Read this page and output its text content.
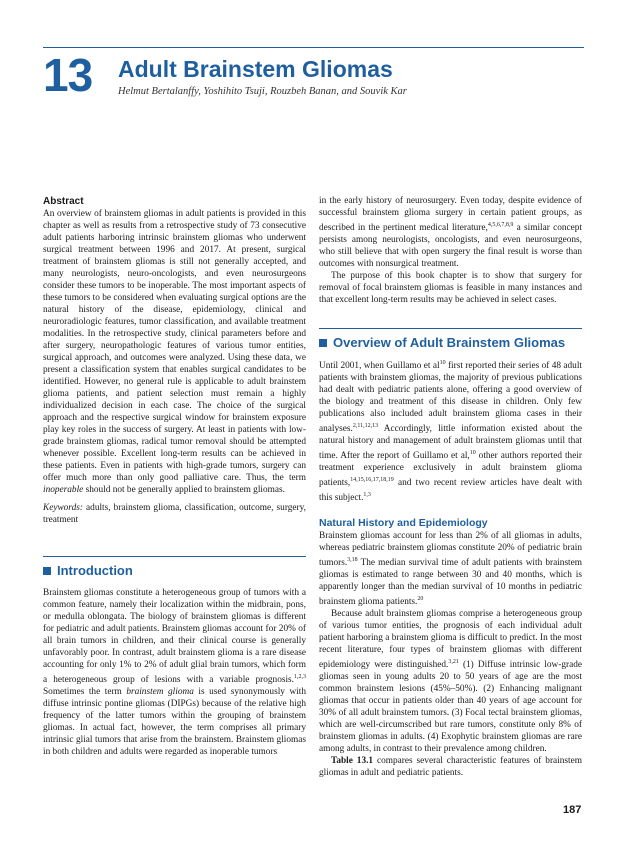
13 Adult Brainstem Gliomas
Helmut Bertalanffy, Yoshihito Tsuji, Rouzbeh Banan, and Souvik Kar

Abstract

An overview of brainstem gliomas in adult patients is provided in this chapter as well as results from a retrospective study of 73 consecutive adult patients harboring intrinsic brainstem gliomas who underwent surgical treatment between 1996 and 2017. At present, surgical treatment of brainstem gliomas is still not generally accepted, and many neurologists, neuro-oncologists, and even neurosurgeons consider these tumors to be inoperable. The most important aspects of these tumors to be considered when evaluating surgical options are the natural history of the disease, epidemiology, clinical and neuroradiologic features, tumor classification, and available treatment modalities. In the retrospective study, clinical parameters before and after surgery, neuropathologic features of various tumor entities, surgical approach, and outcomes were analyzed. Using these data, we present a classification system that enables surgical candidates to be identified. However, no general rule is applicable to adult brainstem glioma patients, and patient selection must remain a highly individualized decision in each case. The choice of the surgical approach and the respective surgical window for brainstem exposure play key roles in the success of surgery. At least in patients with low-grade brainstem gliomas, radical tumor removal should be attempted whenever possible. Excellent long-term results can be achieved in these patients. Even in patients with high-grade tumors, surgery can offer much more than only good palliative care. Thus, the term inoperable should not be generally applied to brainstem gliomas.

Keywords: adults, brainstem glioma, classification, outcome, surgery, treatment

Introduction

Brainstem gliomas constitute a heterogeneous group of tumors with a common feature, namely their localization within the midbrain, pons, or medulla oblongata. The biology of brainstem gliomas is different for pediatric and adult patients. Brainstem gliomas account for 20% of all brain tumors in children, and their clinical course is generally unfavorably poor. In contrast, adult brainstem glioma is a rare disease accounting for only 1% to 2% of adult glial brain tumors, which form a heterogeneous group of lesions with a variable prognosis.$^{1,2,3}$ Sometimes the term brainstem glioma is used synonymously with diffuse intrinsic pontine gliomas (DIPGs) because of the relative high frequency of the latter tumors within the grouping of brainstem gliomas. In actual fact, however, the term comprises all primary intrinsic glial tumors that arise from the brainstem. Brainstem gliomas in both children and adults were regarded as inoperable tumors

in the early history of neurosurgery. Even today, despite evidence of successful brainstem glioma surgery in certain patient groups, as described in the pertinent medical literature,$^{4,5,6,7,8,9}$ a similar concept persists among neurologists, oncologists, and even neurosurgeons, who still believe that with open surgery the final result is worse than outcomes with nonsurgical treatment.

The purpose of this book chapter is to show that surgery for removal of focal brainstem gliomas is feasible in many instances and that excellent long-term results may be achieved in select cases.

Overview of Adult Brainstem Gliomas

Until 2001, when Guillamo et $al^{10}$ first reported their series of 48 adult patients with brainstem gliomas, the majority of previous publications had dealt with pediatric patients alone, offering a good overview of the biology and treatment of this disease in children. Only few publications also included adult brainstem glioma cases in their analyses.$^{2,11,12,13}$ Accordingly, little information existed about the natural history and management of adult brainstem gliomas until that time. After the report of Guillamo et al,$^{10}$ other authors reported their treatment experience exclusively in adult brainstem glioma patients,$^{14,15,16,17,18,19}$ and two recent review articles have dealt with this subject.$^{1,3}$

Natural History and Epidemiology

Brainstem gliomas account for less than 2% of all gliomas in adults, whereas pediatric brainstem gliomas constitute 20% of pediatric brain tumors.$^{3,18}$ The median survival time of adult patients with brainstem gliomas is estimated to range between 30 and 40 months, which is apparently longer than the median survival of 10 months in pediatric brainstem glioma patients.$^{20}$

Because adult brainstem gliomas comprise a heterogeneous group of various tumor entities, the prognosis of each individual adult patient harboring a brainstem glioma is difficult to predict. In the most recent literature, four types of brainstem gliomas with different epidemiology were distinguished.$^{3,21}$ (1) Diffuse intrinsic low-grade gliomas seen in young adults 20 to 50 years of age are the most common brainstem lesions (45%–50%). (2) Enhancing malignant gliomas that occur in patients older than 40 years of age account for 30% of all adult brainstem tumors. (3) Focal tectal brainstem gliomas, which are well-circumscribed but rare tumors, constitute only 8% of brainstem gliomas in adults. (4) Exophytic brainstem gliomas are rare among adults, in contrast to their prevalence among children.

Table 13.1 compares several characteristic features of brainstem gliomas in adult and pediatric patients.

187
